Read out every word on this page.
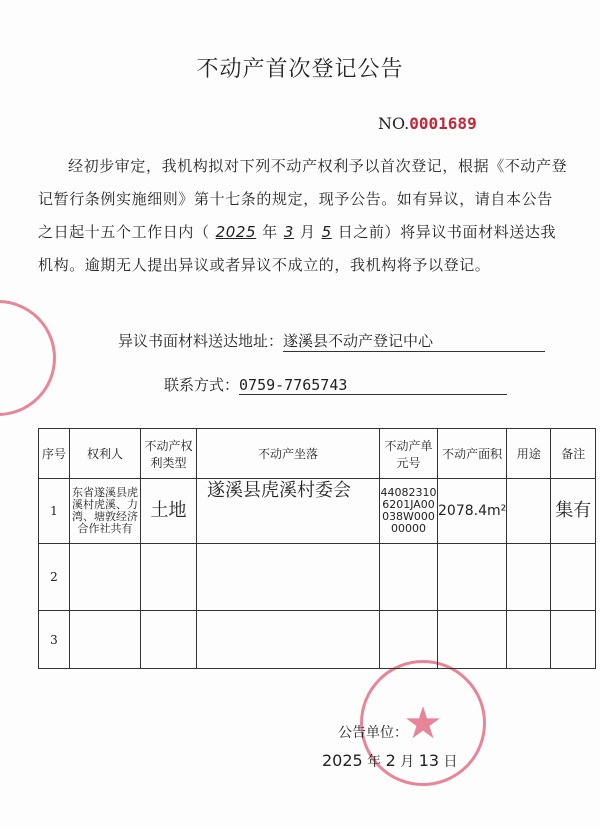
★
不动产首次登记公告
NO.0001689
经初步审定，我机构拟对下列不动产权利予以首次登记，根据《不动产登记暂行条例实施细则》第十七条的规定，现予公告。如有异议，请自本公告之日起十五个工作日内（ 2025 年 3 月 5 日之前）将异议书面材料送达我机构。逾期无人提出异议或者异议不成立的，我机构将予以登记。
异议书面材料送达地址：遂溪县不动产登记中心
联系方式：0759-7765743
序号	权利人	不动产权利类型	不动产坐落	不动产单元号	不动产面积	用途	备注
1	东省遂溪县虎溪村虎溪、力湾、塘敦经济合作社共有	土地	遂溪县虎溪村委会	440823106201JA00038W00000000	2078.4m²		集有
2							
3							
公告单位：
2025 年 2 月 13 日
